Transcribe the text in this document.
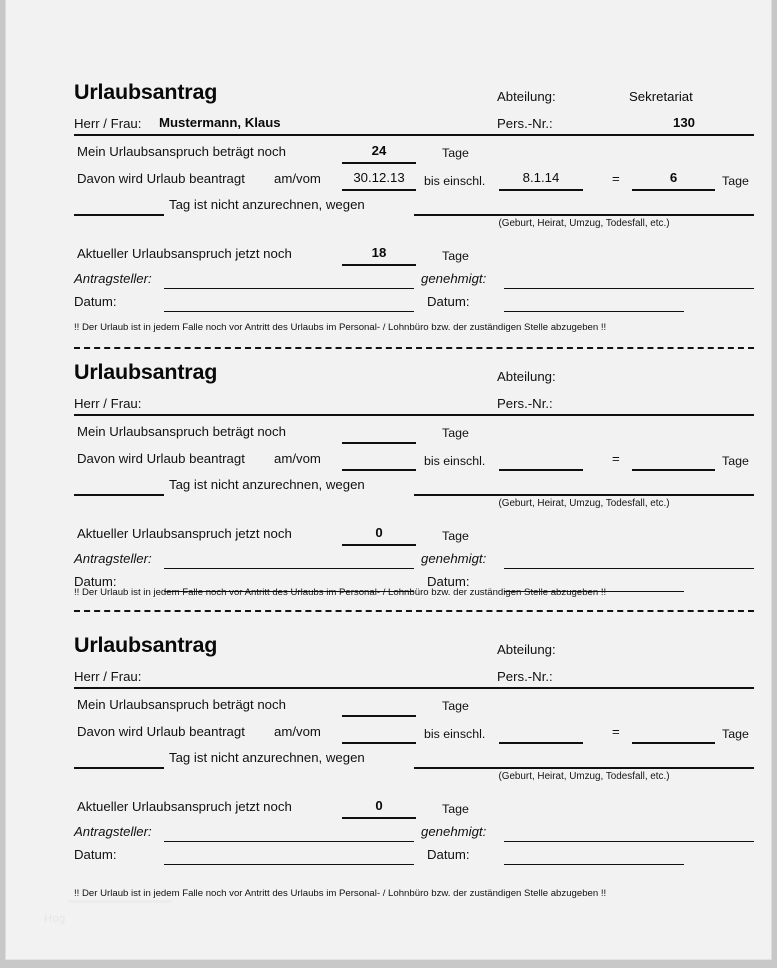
Urlaubsantrag	Abteilung:	Sekretariat
Herr / Frau: Mustermann, Klaus	Pers.-Nr.:	130
Mein Urlaubsanspruch beträgt noch	24	Tage
Davon wird Urlaub beantragt am/vom	30.12.13	bis einschl.	8.1.14	=	6	Tage
Tag ist nicht anzurechnen, wegen
(Geburt, Heirat, Umzug, Todesfall, etc.)
Aktueller Urlaubsanspruch jetzt noch	18	Tage
Antragsteller:	genehmigt:
Datum:	Datum:
!! Der Urlaub ist in jedem Falle noch vor Antritt des Urlaubs im Personal- / Lohnbüro bzw. der zuständigen Stelle abzugeben !!
Urlaubsantrag	Abteilung:
Herr / Frau:	Pers.-Nr.:
Mein Urlaubsanspruch beträgt noch	Tage
Davon wird Urlaub beantragt am/vom	bis einschl.	=	Tage
Tag ist nicht anzurechnen, wegen
(Geburt, Heirat, Umzug, Todesfall, etc.)
Aktueller Urlaubsanspruch jetzt noch	0	Tage
Antragsteller:	genehmigt:
Datum:	Datum:
!! Der Urlaub ist in jedem Falle noch vor Antritt des Urlaubs im Personal- / Lohnbüro bzw. der zuständigen Stelle abzugeben !!
Urlaubsantrag	Abteilung:
Herr / Frau:	Pers.-Nr.:
Mein Urlaubsanspruch beträgt noch	Tage
Davon wird Urlaub beantragt am/vom	bis einschl.	=	Tage
Tag ist nicht anzurechnen, wegen
(Geburt, Heirat, Umzug, Todesfall, etc.)
Aktueller Urlaubsanspruch jetzt noch	0	Tage
Antragsteller:	genehmigt:
Datum:	Datum:
!! Der Urlaub ist in jedem Falle noch vor Antritt des Urlaubs im Personal- / Lohnbüro bzw. der zuständigen Stelle abzugeben !!
Hog
